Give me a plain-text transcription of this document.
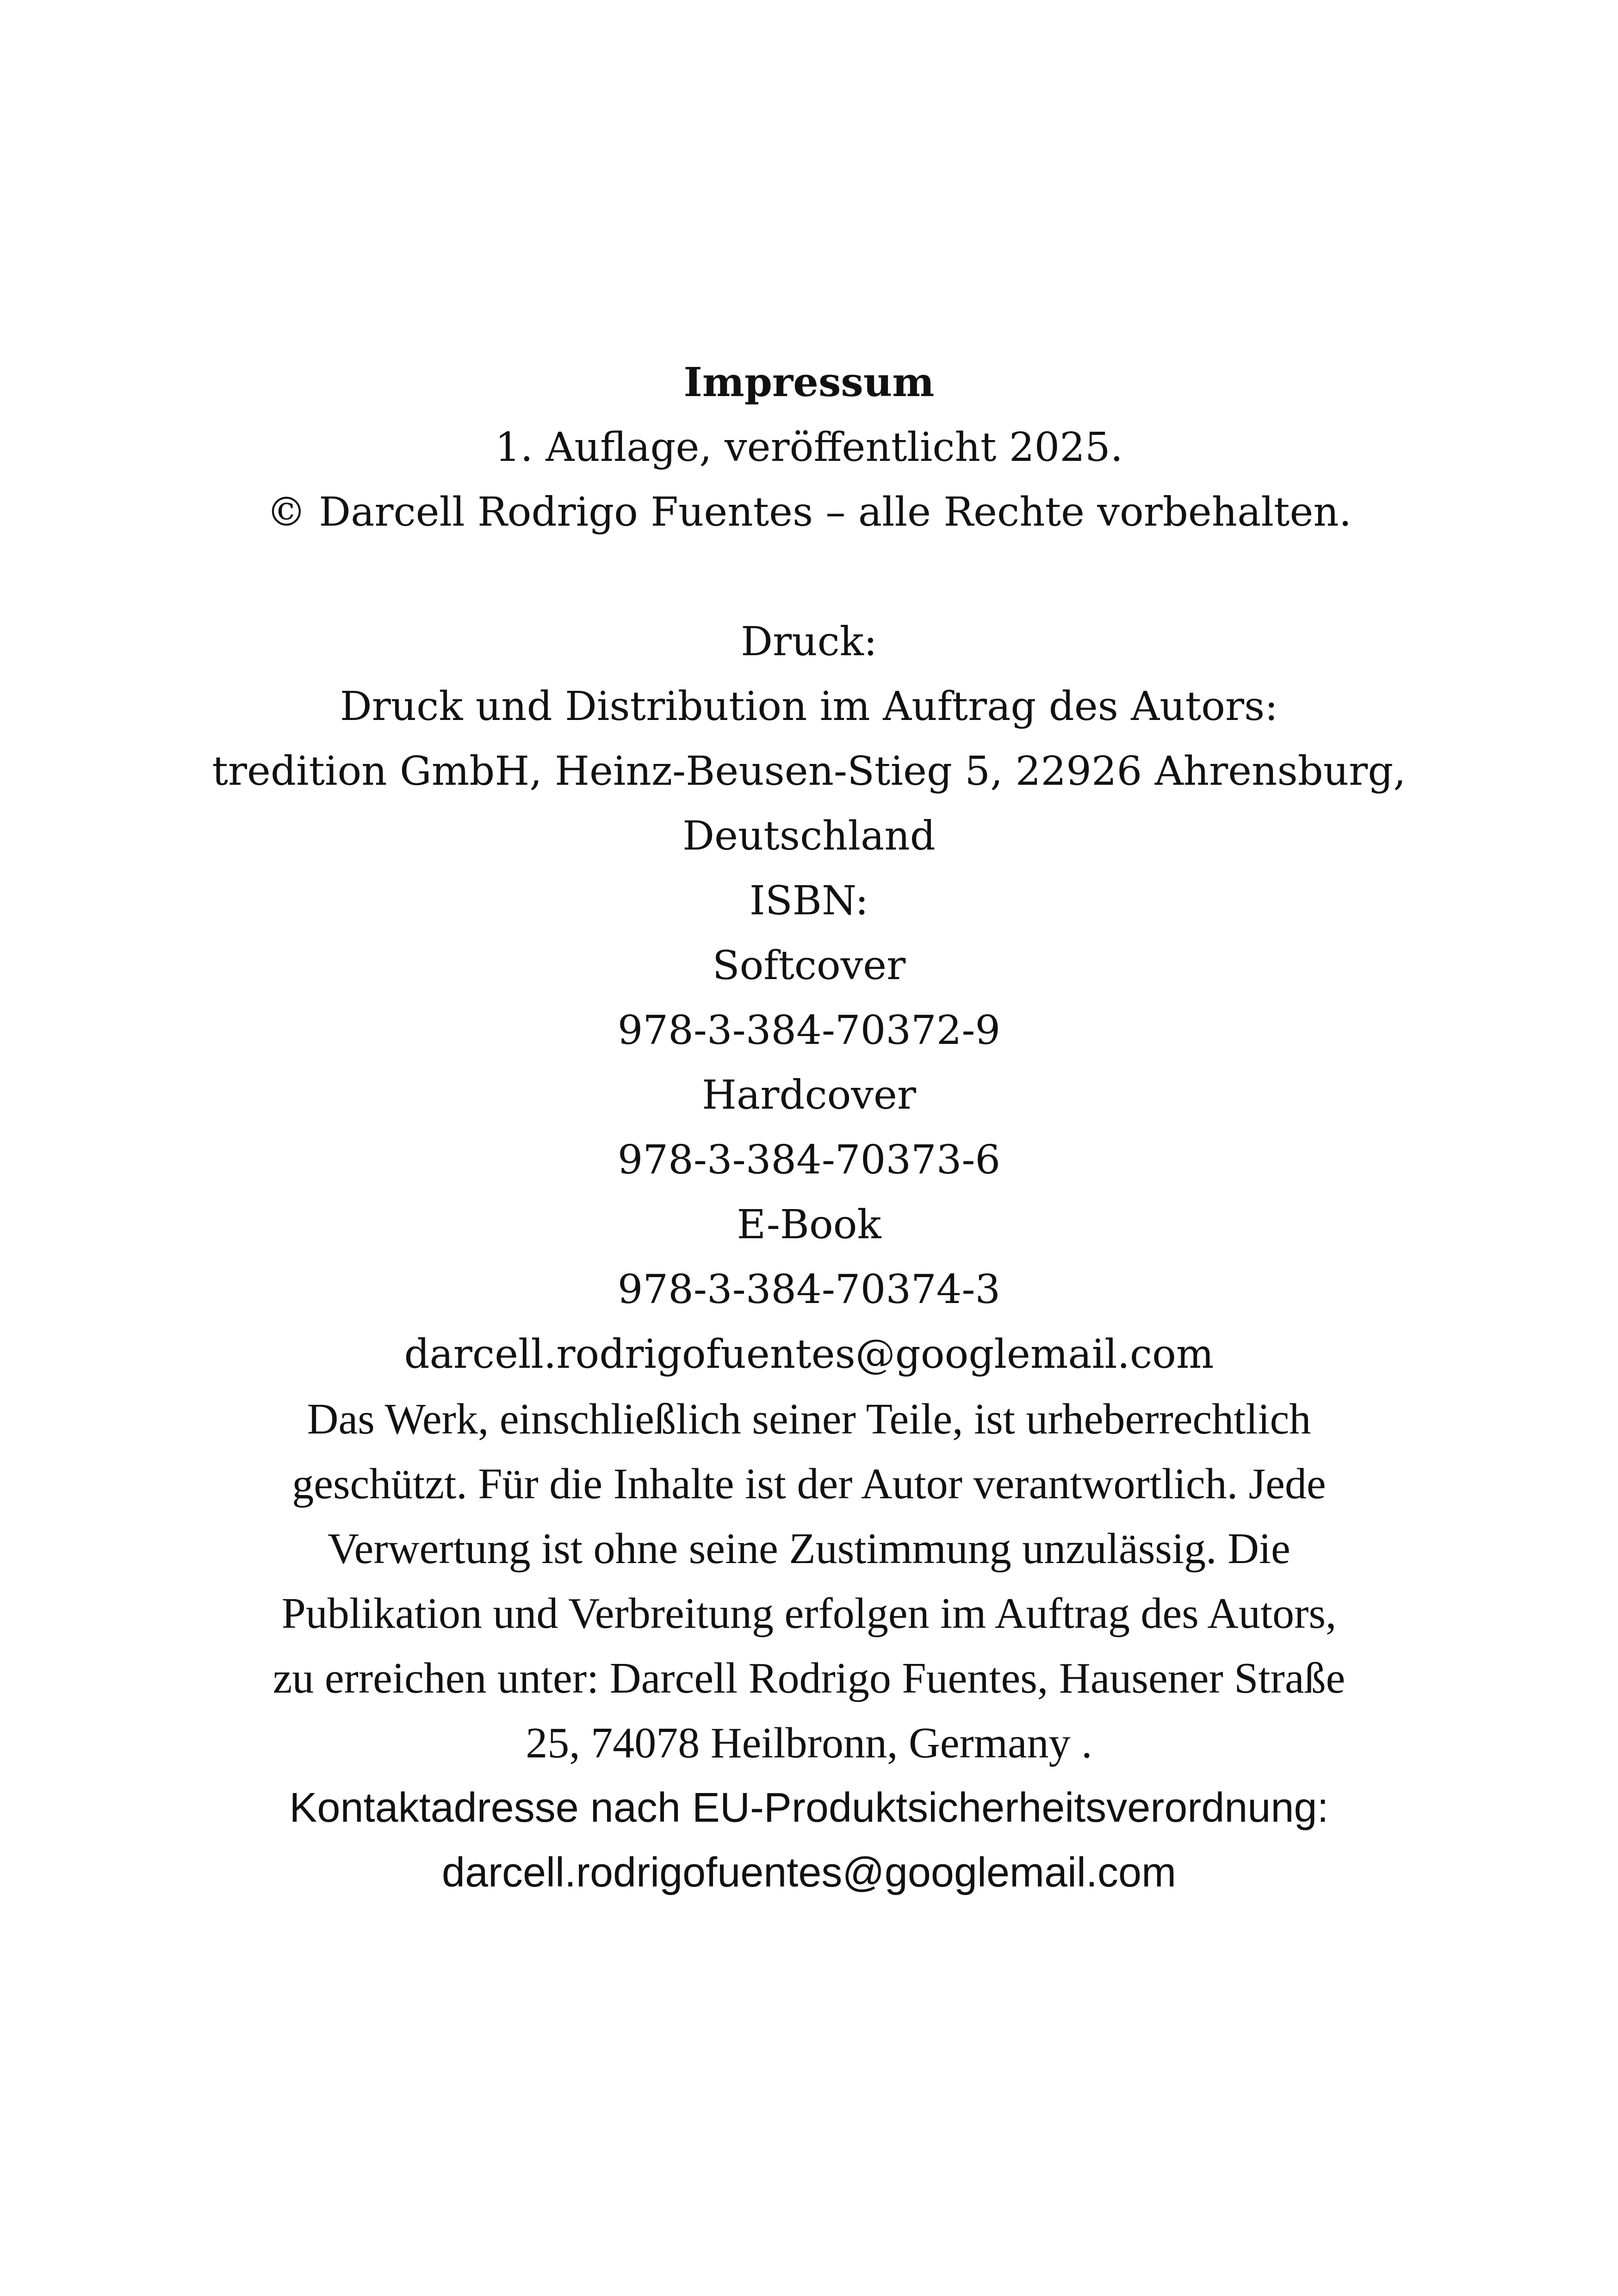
Impressum
1. Auflage, veröffentlicht 2025.
© Darcell Rodrigo Fuentes – alle Rechte vorbehalten.
Druck:
Druck und Distribution im Auftrag des Autors:
tredition GmbH, Heinz-Beusen-Stieg 5, 22926 Ahrensburg,
Deutschland
ISBN:
Softcover
978-3-384-70372-9
Hardcover
978-3-384-70373-6
E-Book
978-3-384-70374-3
darcell.rodrigofuentes@googlemail.com
Das Werk, einschließlich seiner Teile, ist urheberrechtlich
geschützt. Für die Inhalte ist der Autor verantwortlich. Jede
Verwertung ist ohne seine Zustimmung unzulässig. Die
Publikation und Verbreitung erfolgen im Auftrag des Autors,
zu erreichen unter: Darcell Rodrigo Fuentes, Hausener Straße
25, 74078 Heilbronn, Germany .
Kontaktadresse nach EU-Produktsicherheitsverordnung:
darcell.rodrigofuentes@googlemail.com
